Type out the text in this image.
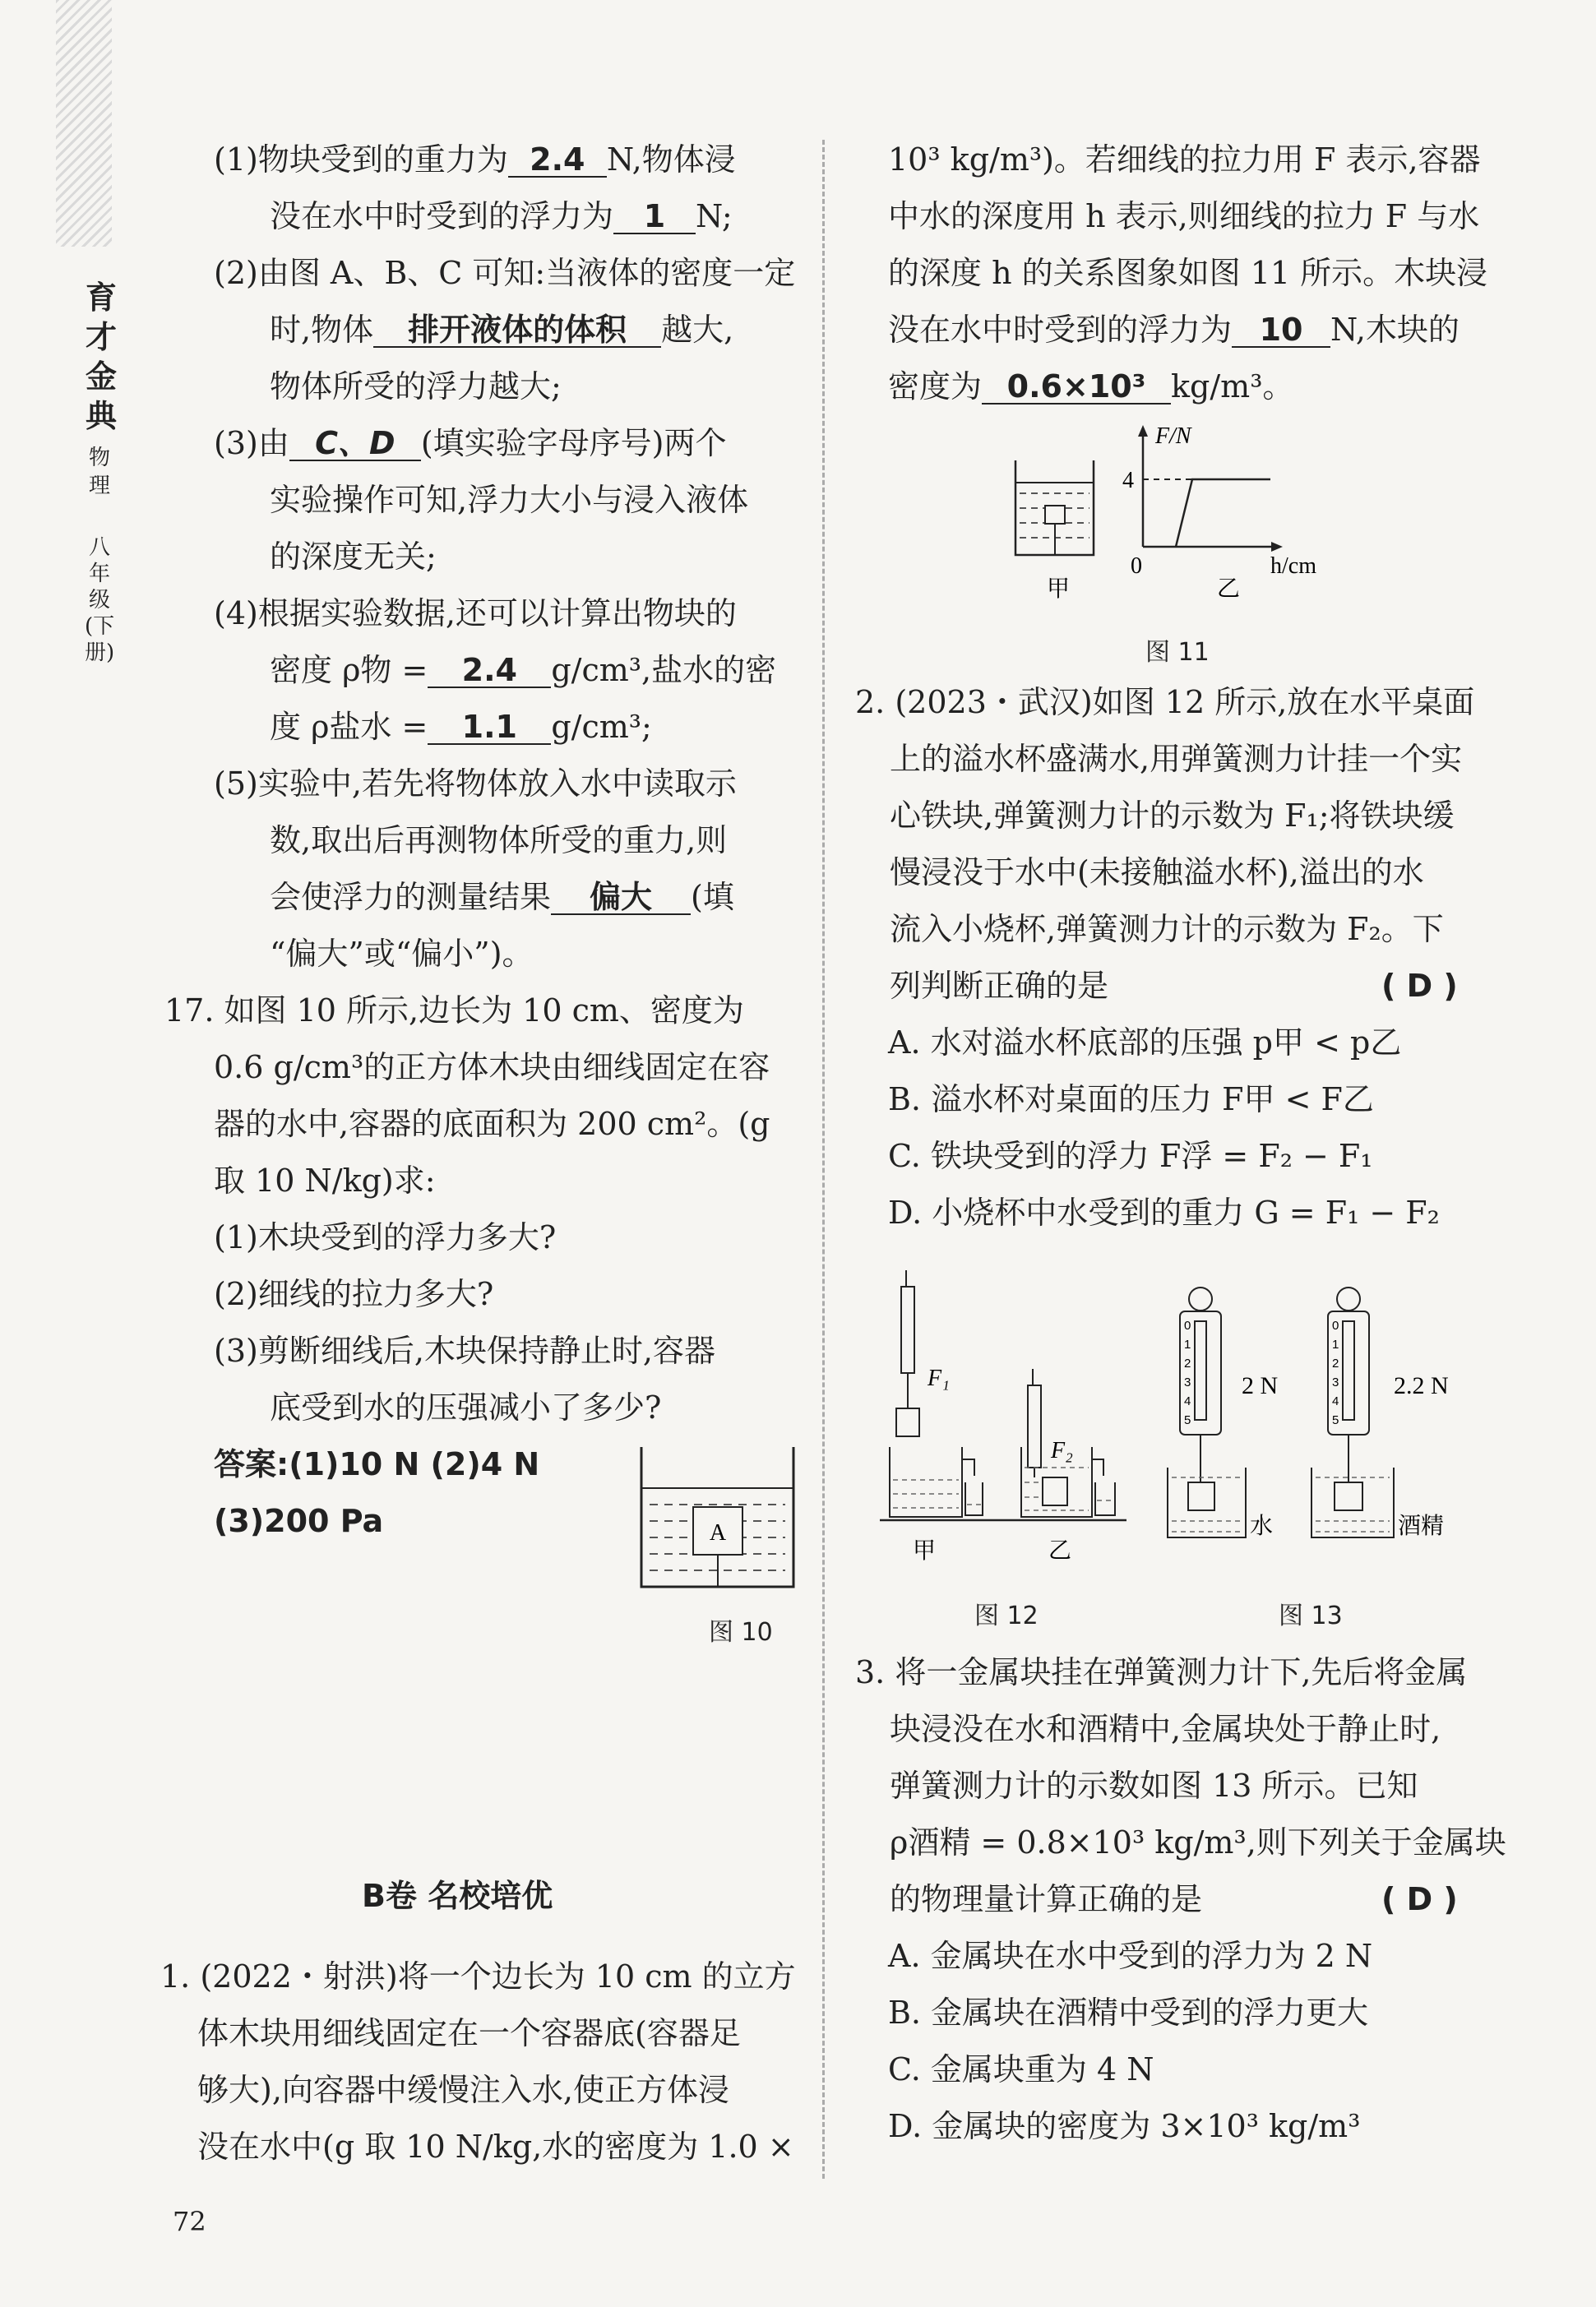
育才金典
物理
八年级(下册)
(1)物块受到的重力为 2.4 N,物体浸
没在水中时受到的浮力为 1 N;
(2)由图 A、B、C 可知:当液体的密度一定
时,物体 排开液体的体积 越大,
物体所受的浮力越大;
(3)由 C、D (填实验字母序号)两个
实验操作可知,浮力大小与浸入液体
的深度无关;
(4)根据实验数据,还可以计算出物块的
密度 ρ物 = 2.4 g/cm³,盐水的密
度 ρ盐水 = 1.1 g/cm³;
(5)实验中,若先将物体放入水中读取示
数,取出后再测物体所受的重力,则
会使浮力的测量结果 偏大 (填
“偏大”或“偏小”)。
17. 如图 10 所示,边长为 10 cm、密度为
0.6 g/cm³的正方体木块由细线固定在容
器的水中,容器的底面积为 200 cm²。(g
取 10 N/kg)求:
(1)木块受到的浮力多大?
(2)细线的拉力多大?
(3)剪断细线后,木块保持静止时,容器
底受到水的压强减小了多少?
答案:(1)10 N (2)4 N
(3)200 Pa	A
图 10
B卷 名校培优
1. (2022・射洪)将一个边长为 10 cm 的立方
体木块用细线固定在一个容器底(容器足
够大),向容器中缓慢注入水,使正方体浸
没在水中(g 取 10 N/kg,水的密度为 1.0 ×
72
10³ kg/m³)。若细线的拉力用 F 表示,容器
中水的深度用 h 表示,则细线的拉力 F 与水
的深度 h 的关系图象如图 11 所示。木块浸
没在水中时受到的浮力为 10 N,木块的
密度为 0.6×10³ kg/m³。
F/N
4
0	h/cm
甲	乙
图 11
2. (2023・武汉)如图 12 所示,放在水平桌面
上的溢水杯盛满水,用弹簧测力计挂一个实
心铁块,弹簧测力计的示数为 F₁;将铁块缓
慢浸没于水中(未接触溢水杯),溢出的水
流入小烧杯,弹簧测力计的示数为 F₂。下
列判断正确的是	( D )
A. 水对溢水杯底部的压强 p甲 < p乙
B. 溢水杯对桌面的压力 F甲 < F乙
C. 铁块受到的浮力 F浮 = F₂ − F₁
D. 小烧杯中水受到的重力 G = F₁ − F₂
F₁
F₂
甲	乙
图 12
0
1
2
3
4
5
0
1
2
3
4
5
2 N	2.2 N
水	酒精
图 13
3. 将一金属块挂在弹簧测力计下,先后将金属
块浸没在水和酒精中,金属块处于静止时,
弹簧测力计的示数如图 13 所示。已知
ρ酒精 = 0.8×10³ kg/m³,则下列关于金属块
的物理量计算正确的是	( D )
A. 金属块在水中受到的浮力为 2 N
B. 金属块在酒精中受到的浮力更大
C. 金属块重为 4 N
D. 金属块的密度为 3×10³ kg/m³
